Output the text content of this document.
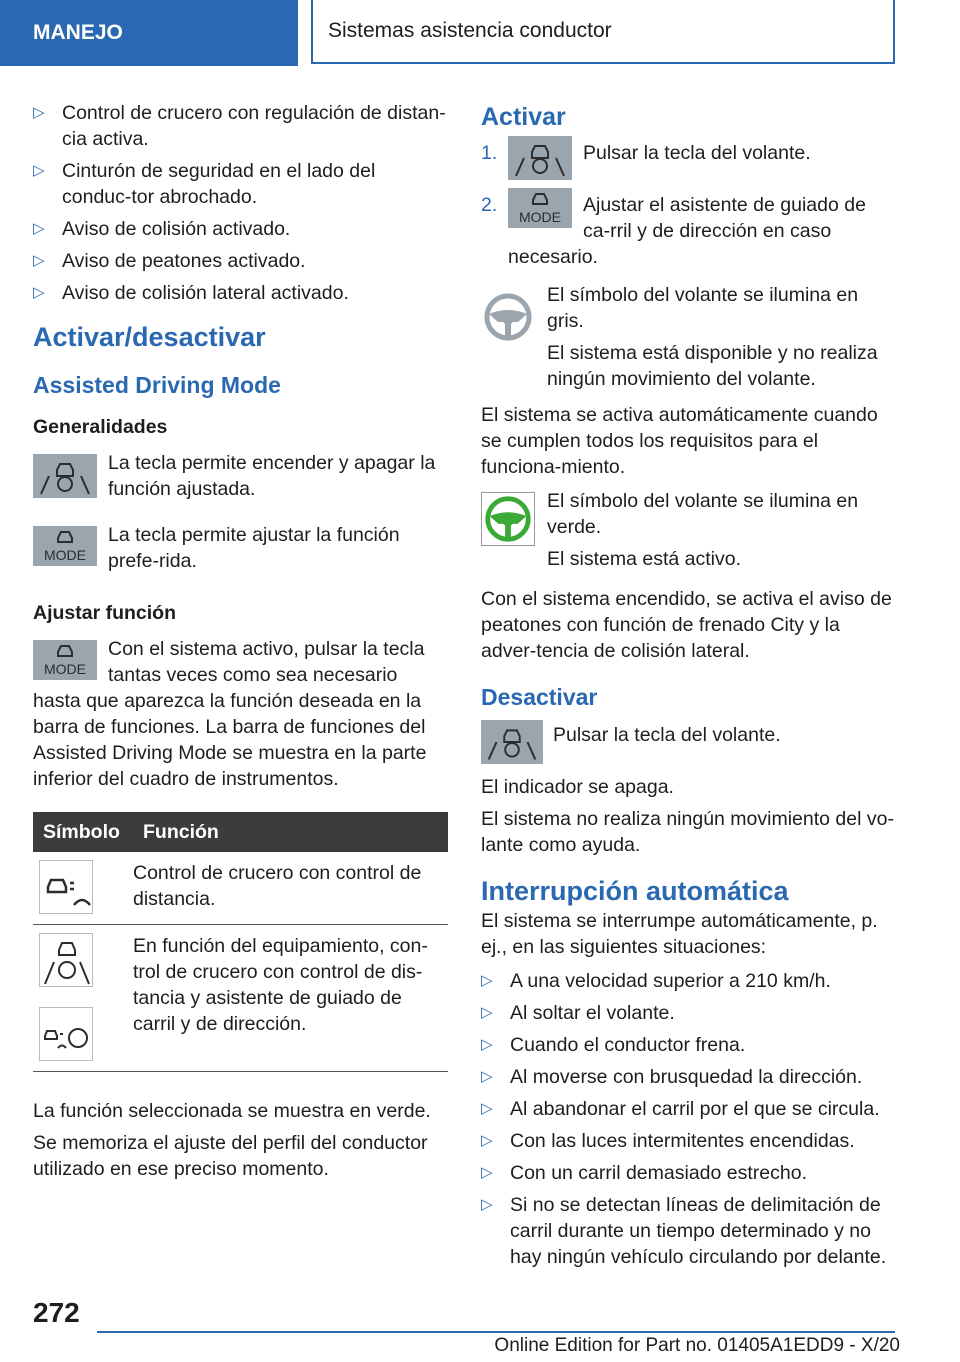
MANEJO	Sistemas asistencia conductor
▷ Control de crucero con regulación de distan‐cia activa.
▷ Cinturón de seguridad en el lado del conduc‐tor abrochado.
▷ Aviso de colisión activado.
▷ Aviso de peatones activado.
▷ Aviso de colisión lateral activado.
Activar/desactivar
Assisted Driving Mode
Generalidades

La tecla permite encender y apagar la función ajustada.

MODE

La tecla permite ajustar la función prefe‐rida.

Ajustar función
MODE

Con el sistema activo, pulsar la tecla tantas veces como sea necesario hasta que aparezca la función deseada en la barra de funciones. La barra de funciones del Assisted Driving Mode se muestra en la parte inferior del cuadro de instrumentos.

Símbolo	Función

Control de crucero con control de distancia.

En función del equipamiento, con‐trol de crucero con control de dis‐tancia y asistente de guiado de carril y de dirección.

La función seleccionada se muestra en verde.

Se memoriza el ajuste del perfil del conductor utilizado en ese preciso momento.

Activar
1.	Pulsar la tecla del volante.

2.
MODE

Ajustar el asistente de guiado de ca‐rril y de dirección en caso necesario.

El símbolo del volante se ilumina en gris.

El sistema está disponible y no realiza ningún movimiento del volante.

El sistema se activa automáticamente cuando se cumplen todos los requisitos para el funciona‐miento.

El símbolo del volante se ilumina en verde.

El sistema está activo.

Con el sistema encendido, se activa el aviso de peatones con función de frenado City y la adver‐tencia de colisión lateral.

Desactivar

Pulsar la tecla del volante.

El indicador se apaga.

El sistema no realiza ningún movimiento del vo‐lante como ayuda.

Interrupción automática

El sistema se interrumpe automáticamente, p. ej., en las siguientes situaciones:

▷ A una velocidad superior a 210 km/h.
▷ Al soltar el volante.
▷ Cuando el conductor frena.
▷ Al moverse con brusquedad la dirección.
▷ Al abandonar el carril por el que se circula.
▷ Con las luces intermitentes encendidas.
▷ Con un carril demasiado estrecho.
▷ Si no se detectan líneas de delimitación de carril durante un tiempo determinado y no hay ningún vehículo circulando por delante.
272
Online Edition for Part no. 01405A1EDD9 - X/20
